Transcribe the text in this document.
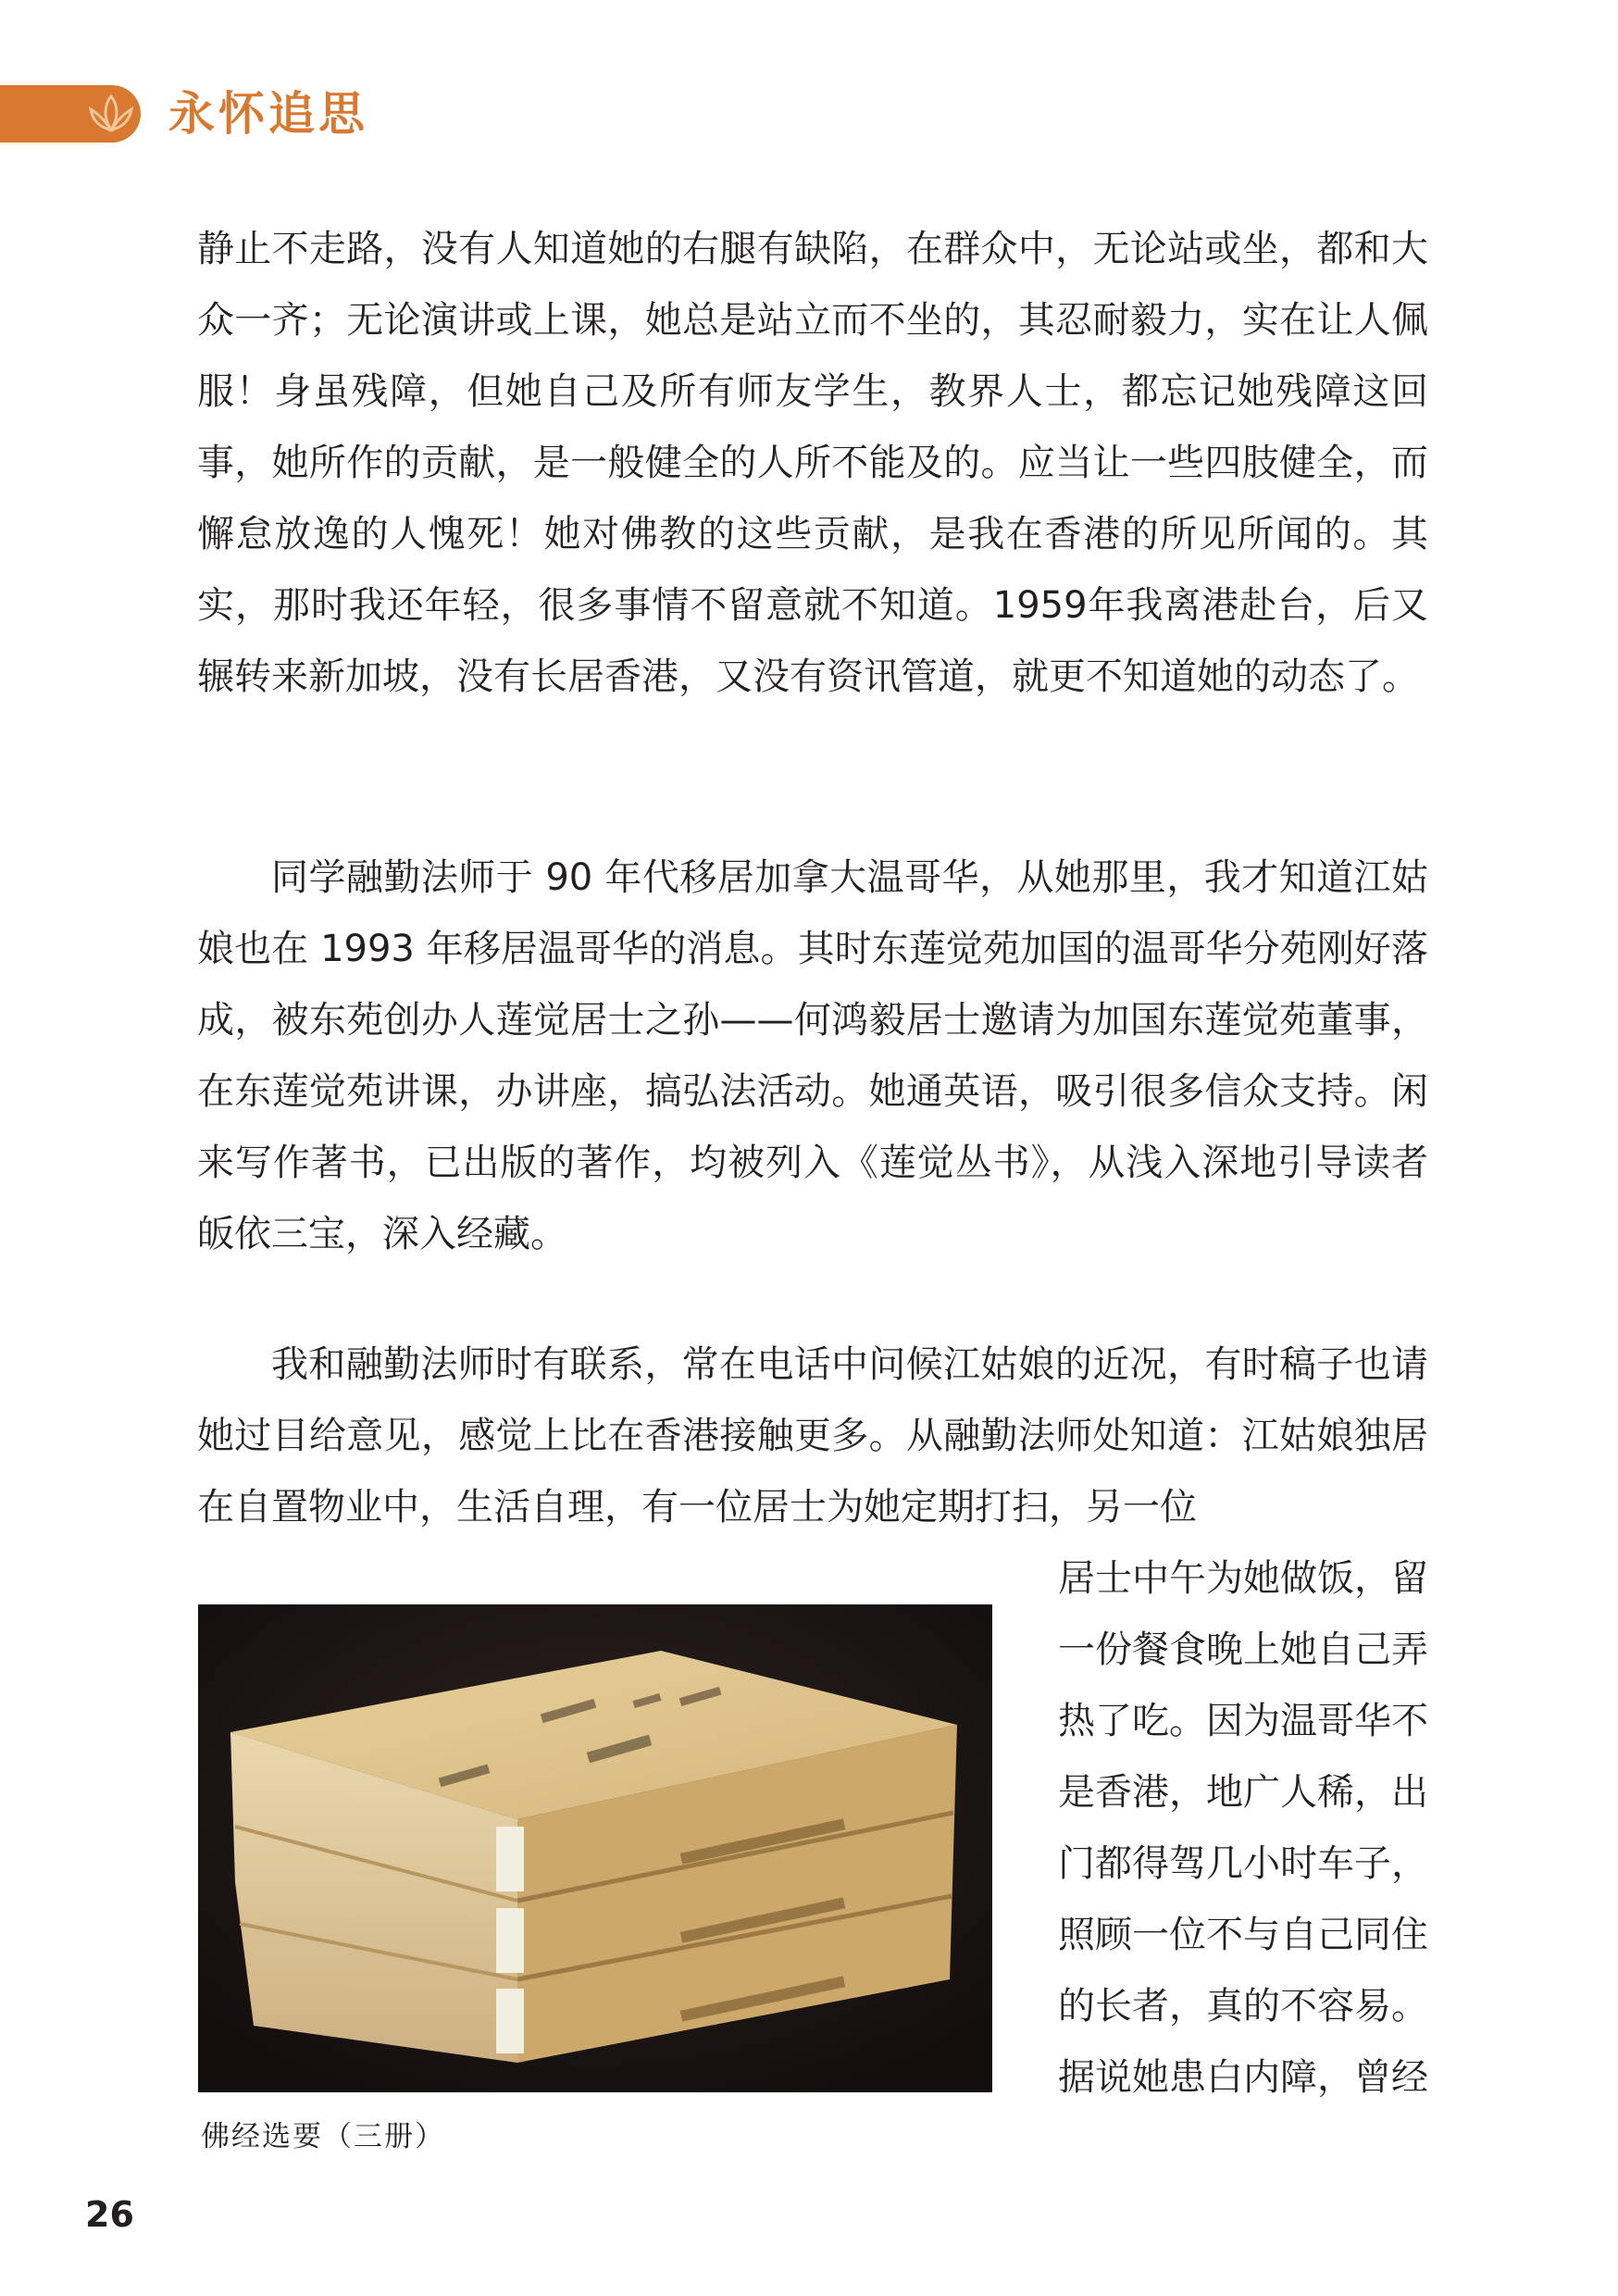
永怀追思

静止不走路，没有人知道她的右腿有缺陷，在群众中，无论站或坐，都和大众一齐；无论演讲或上课，她总是站立而不坐的，其忍耐毅力，实在让人佩服！身虽残障，但她自己及所有师友学生，教界人士，都忘记她残障这回事，她所作的贡献，是一般健全的人所不能及的。应当让一些四肢健全，而懈怠放逸的人愧死！她对佛教的这些贡献，是我在香港的所见所闻的。其实，那时我还年轻，很多事情不留意就不知道。1959年我离港赴台，后又辗转来新加坡，没有长居香港，又没有资讯管道，就更不知道她的动态了。

同学融勤法师于 90 年代移居加拿大温哥华，从她那里，我才知道江姑娘也在 1993 年移居温哥华的消息。其时东莲觉苑加国的温哥华分苑刚好落成，被东苑创办人莲觉居士之孙——何鸿毅居士邀请为加国东莲觉苑董事，在东莲觉苑讲课，办讲座，搞弘法活动。她通英语，吸引很多信众支持。闲来写作著书，已出版的著作，均被列入《莲觉丛书》，从浅入深地引导读者皈依三宝，深入经藏。

我和融勤法师时有联系，常在电话中问候江姑娘的近况，有时稿子也请她过目给意见，感觉上比在香港接触更多。从融勤法师处知道：江姑娘独居在自置物业中，生活自理，有一位居士为她定期打扫，另一位

居士中午为她做饭，留一份餐食晚上她自己弄热了吃。因为温哥华不是香港，地广人稀，出门都得驾几小时车子，照顾一位不与自己同住的长者，真的不容易。据说她患白内障，曾经

佛经选要（三册）

26
